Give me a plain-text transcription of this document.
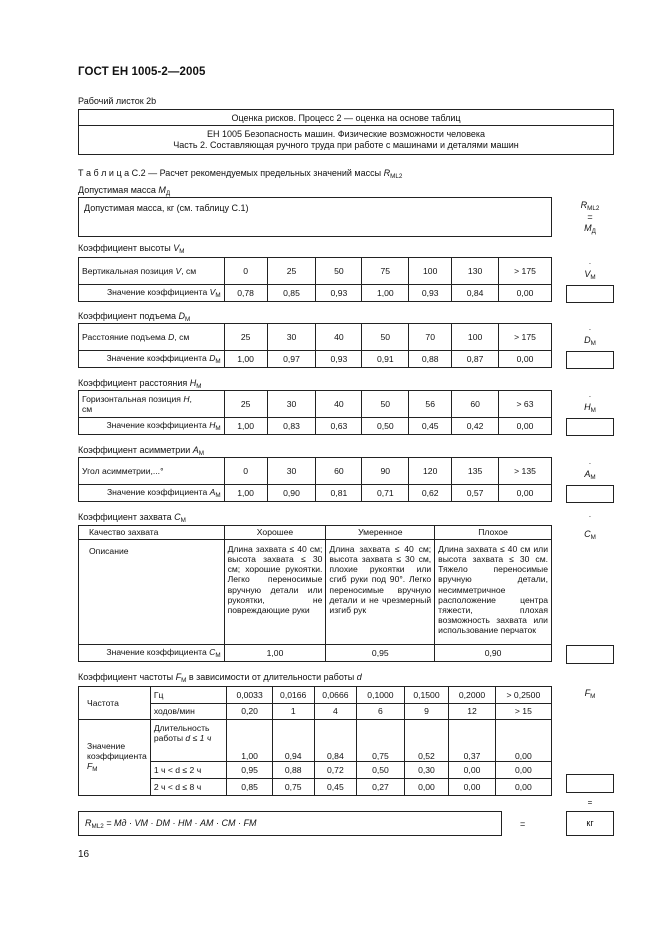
ГОСТ ЕН 1005-2—2005
Рабочий листок 2b
Оценка рисков. Процесс 2 — оценка на основе таблиц
ЕН 1005 Безопасность машин. Физические возможности человека
Часть 2. Составляющая ручного труда при работе с машинами и деталями машин
Т а б л и ц а С.2 — Расчет рекомендуемых предельных значений массы $R_{ML2}$
Допустимая масса $M_Д$
Допустимая масса, кг (см. таблицу С.1)	$R_{ML2}$
=
$M_Д$
Коэффициент высоты $V_М$
Вертикальная позиция V, см	0	25	50	75	100	130	> 175
Значение коэффициента $V_М$	0,78	0,85	0,93	1,00	0,93	0,84	0,00
·
$V_М$
Коэффициент подъема $D_М$
Расстояние подъема D, см	25	30	40	50	70	100	> 175
Значение коэффициента $D_М$	1,00	0,97	0,93	0,91	0,88	0,87	0,00
·
$D_М$
Коэффициент расстояния $H_М$
Горизонтальная позиция H,
см	25	30	40	50	56	60	> 63
Значение коэффициента $H_М$	1,00	0,83	0,63	0,50	0,45	0,42	0,00
·
$H_М$
Коэффициент асимметрии $A_М$
Угол асимметрии,...°	0	30	60	90	120	135	> 135
Значение коэффициента $A_М$	1,00	0,90	0,81	0,71	0,62	0,57	0,00
·
$A_М$
Коэффициент захвата $C_М$
Качество захвата	Хорошее	Умеренное	Плохое
Описание	Длина захвата ≤ 40 см; высота захвата ≤ 30 см; хорошие рукоятки. Легко переносимые вручную детали или рукоятки, не повреждающие руки	Длина захвата ≤ 40 см; высота захвата ≤ 30 см, плохие рукоятки или сгиб руки под 90°. Легко переносимые вручную детали и не чрезмерный изгиб рук	Длина захвата ≤ 40 см или высота захвата ≤ 30 см. Тяжело переносимые вручную детали, несимметричное расположение центра тяжести, плохая возможность захвата или использование перчаток
Значение коэффициента $C_М$	1,00	0,95	0,90
·
$C_М$
Коэффициент частоты $F_М$ в зависимости от длительности работы d
Частота	Гц	0,0033	0,0166	0,0666	0,1000	0,1500	0,2000	> 0,2500
	ходов/мин	0,20	1	4	6	9	12	> 15
Значение коэффициента $F_М$	Длительность работы d ≤ 1 ч	1,00	0,94	0,84	0,75	0,52	0,37	0,00
	1 ч < d ≤ 2 ч	0,95	0,88	0,72	0,50	0,30	0,00	0,00
	2 ч < d ≤ 8 ч	0,85	0,75	0,45	0,27	0,00	0,00	0,00
$F_М$
=
$R_{ML2}$ = Mд · VМ · DМ · HМ · AМ · CМ · FМ	=	кг
16
